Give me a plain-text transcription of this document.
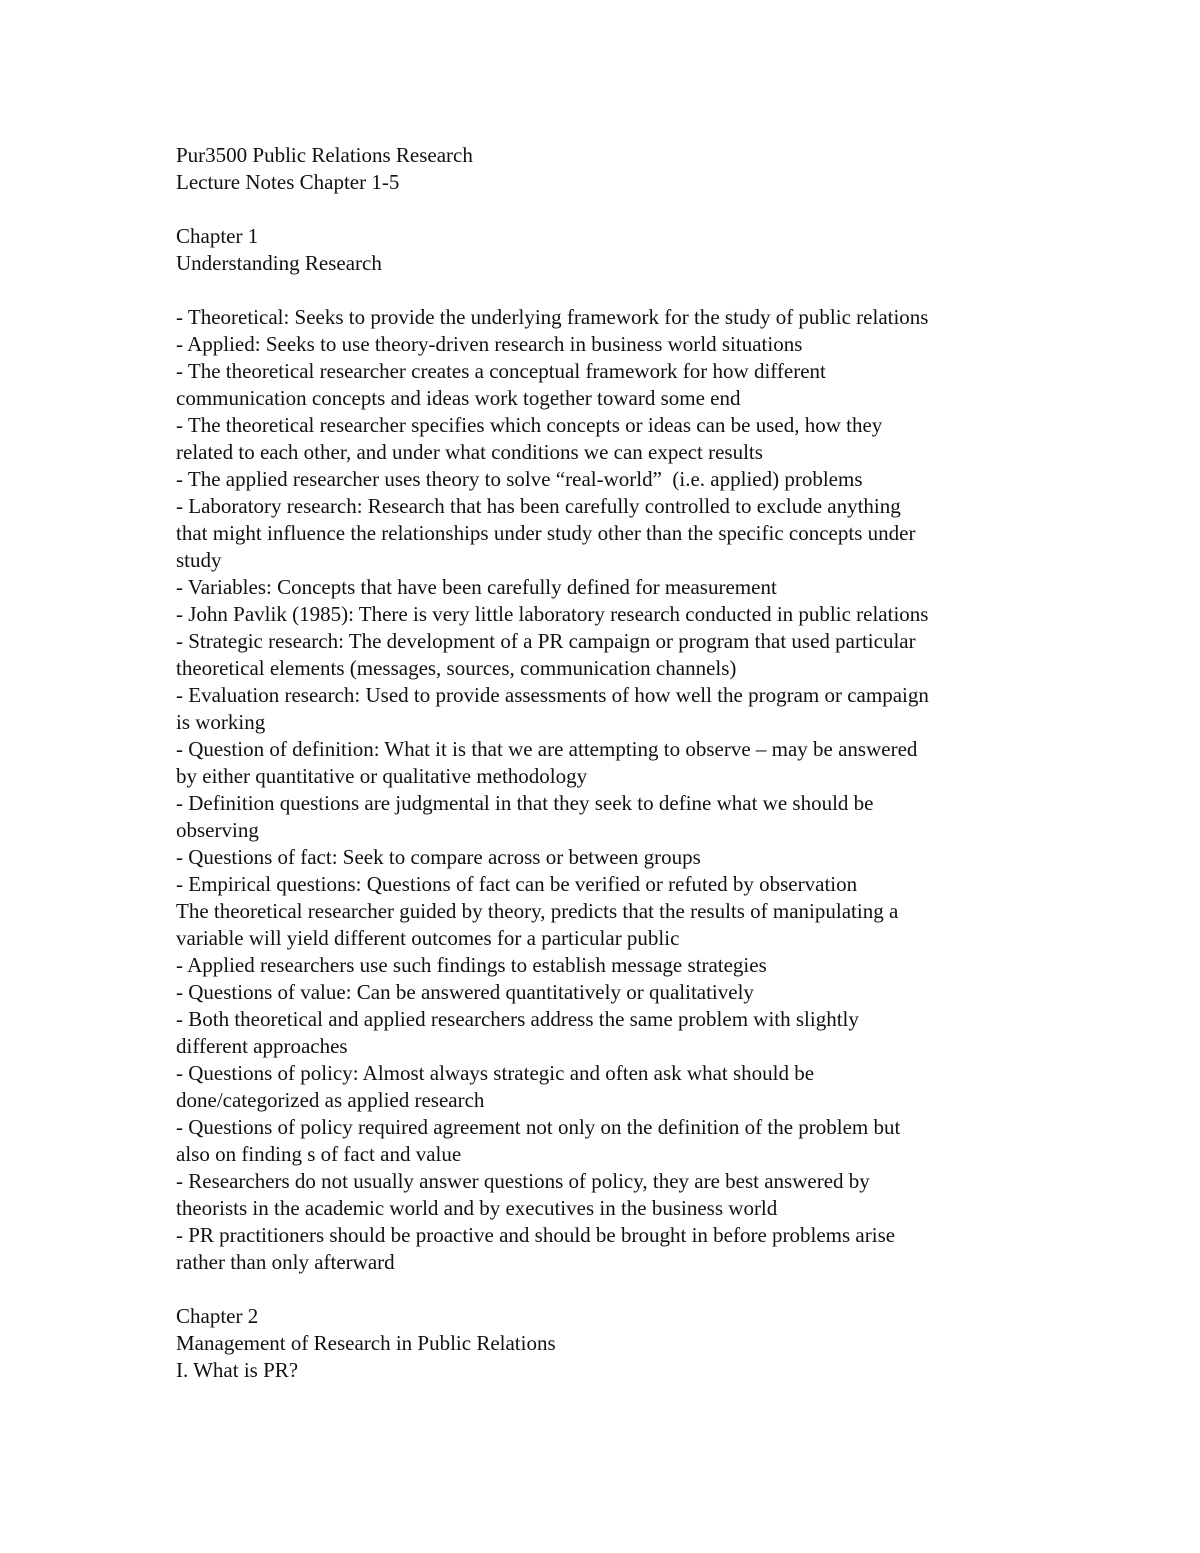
Pur3500 Public Relations Research

Lecture Notes Chapter 1-5

Chapter 1

Understanding Research

- Theoretical: Seeks to provide the underlying framework for the study of public relations

- Applied: Seeks to use theory-driven research in business world situations

- The theoretical researcher creates a conceptual framework for how different

communication concepts and ideas work together toward some end

- The theoretical researcher specifies which concepts or ideas can be used, how they

related to each other, and under what conditions we can expect results

- The applied researcher uses theory to solve “real-world”  (i.e. applied) problems

- Laboratory research: Research that has been carefully controlled to exclude anything

that might influence the relationships under study other than the specific concepts under

study

- Variables: Concepts that have been carefully defined for measurement

- John Pavlik (1985): There is very little laboratory research conducted in public relations

- Strategic research: The development of a PR campaign or program that used particular

theoretical elements (messages, sources, communication channels)

- Evaluation research: Used to provide assessments of how well the program or campaign

is working

- Question of definition: What it is that we are attempting to observe – may be answered

by either quantitative or qualitative methodology

- Definition questions are judgmental in that they seek to define what we should be

observing

- Questions of fact: Seek to compare across or between groups

- Empirical questions: Questions of fact can be verified or refuted by observation

The theoretical researcher guided by theory, predicts that the results of manipulating a

variable will yield different outcomes for a particular public

- Applied researchers use such findings to establish message strategies

- Questions of value: Can be answered quantitatively or qualitatively

- Both theoretical and applied researchers address the same problem with slightly

different approaches

- Questions of policy: Almost always strategic and often ask what should be

done/categorized as applied research

- Questions of policy required agreement not only on the definition of the problem but

also on finding s of fact and value

- Researchers do not usually answer questions of policy, they are best answered by

theorists in the academic world and by executives in the business world

- PR practitioners should be proactive and should be brought in before problems arise

rather than only afterward

Chapter 2

Management of Research in Public Relations

I. What is PR?
